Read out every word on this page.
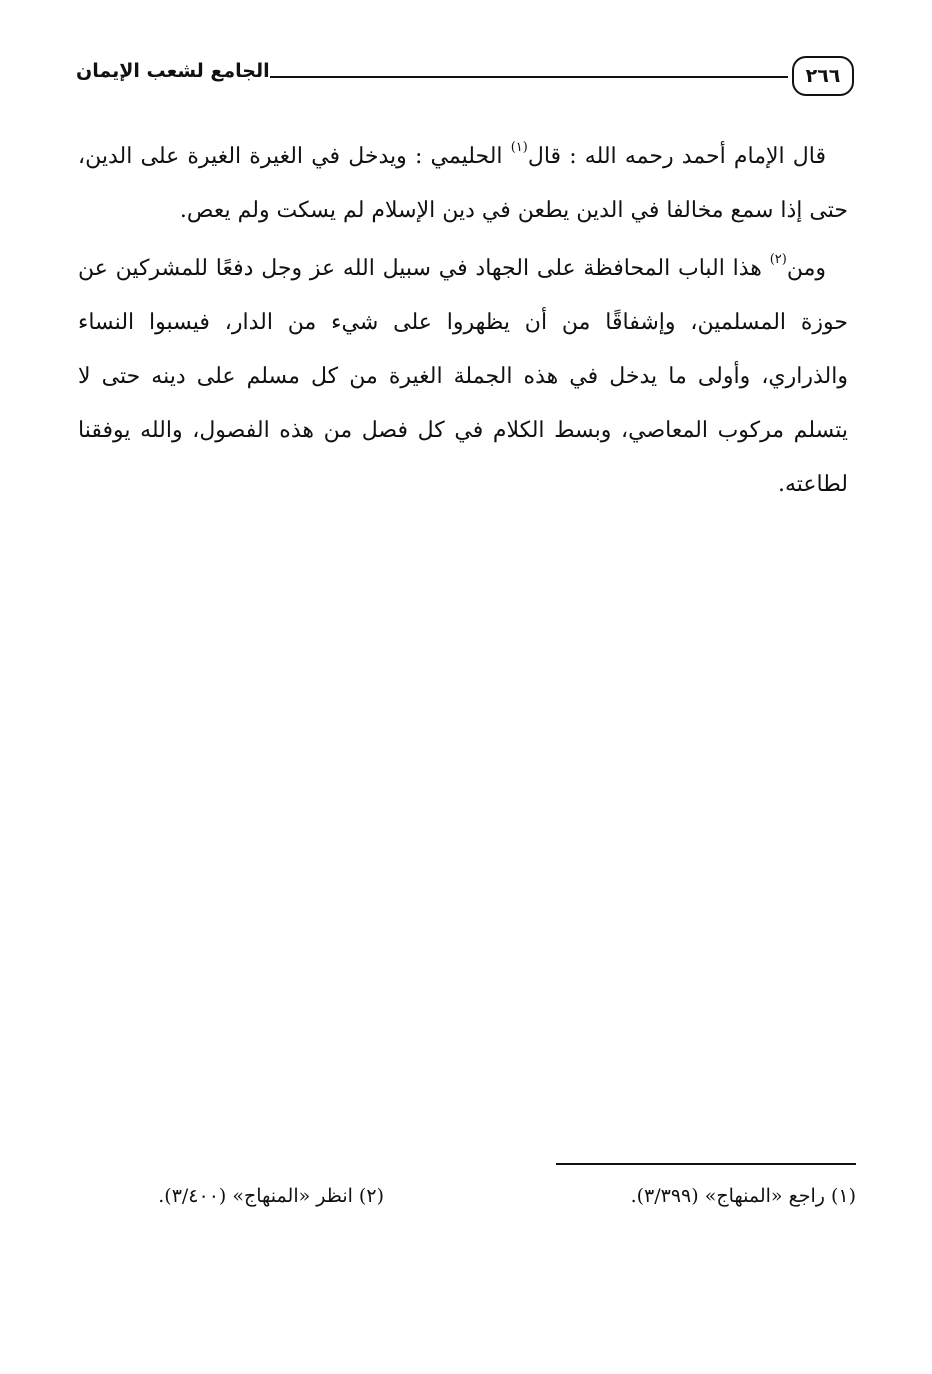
٢٦٦
الجامع لشعب الإيمان

قال الإمام أحمد رحمه الله : قال$^{(١)}$ الحليمي : ويدخل في الغيرة الغيرة على الدين، حتى إذا سمع مخالفا في الدين يطعن في دين الإسلام لم يسكت ولم يعص.

ومن$^{(٢)}$ هذا الباب المحافظة على الجهاد في سبيل الله عز وجل دفعًا للمشركين عن حوزة المسلمين، وإشفاقًا من أن يظهروا على شيء من الدار، فيسبوا النساء والذراري، وأولى ما يدخل في هذه الجملة الغيرة من كل مسلم على دينه حتى لا يتسلم مركوب المعاصي، وبسط الكلام في كل فصل من هذه الفصول، والله يوفقنا لطاعته.

(١) راجع «المنهاج» (٣/٣٩٩).
(٢) انظر «المنهاج» (٣/٤٠٠).
